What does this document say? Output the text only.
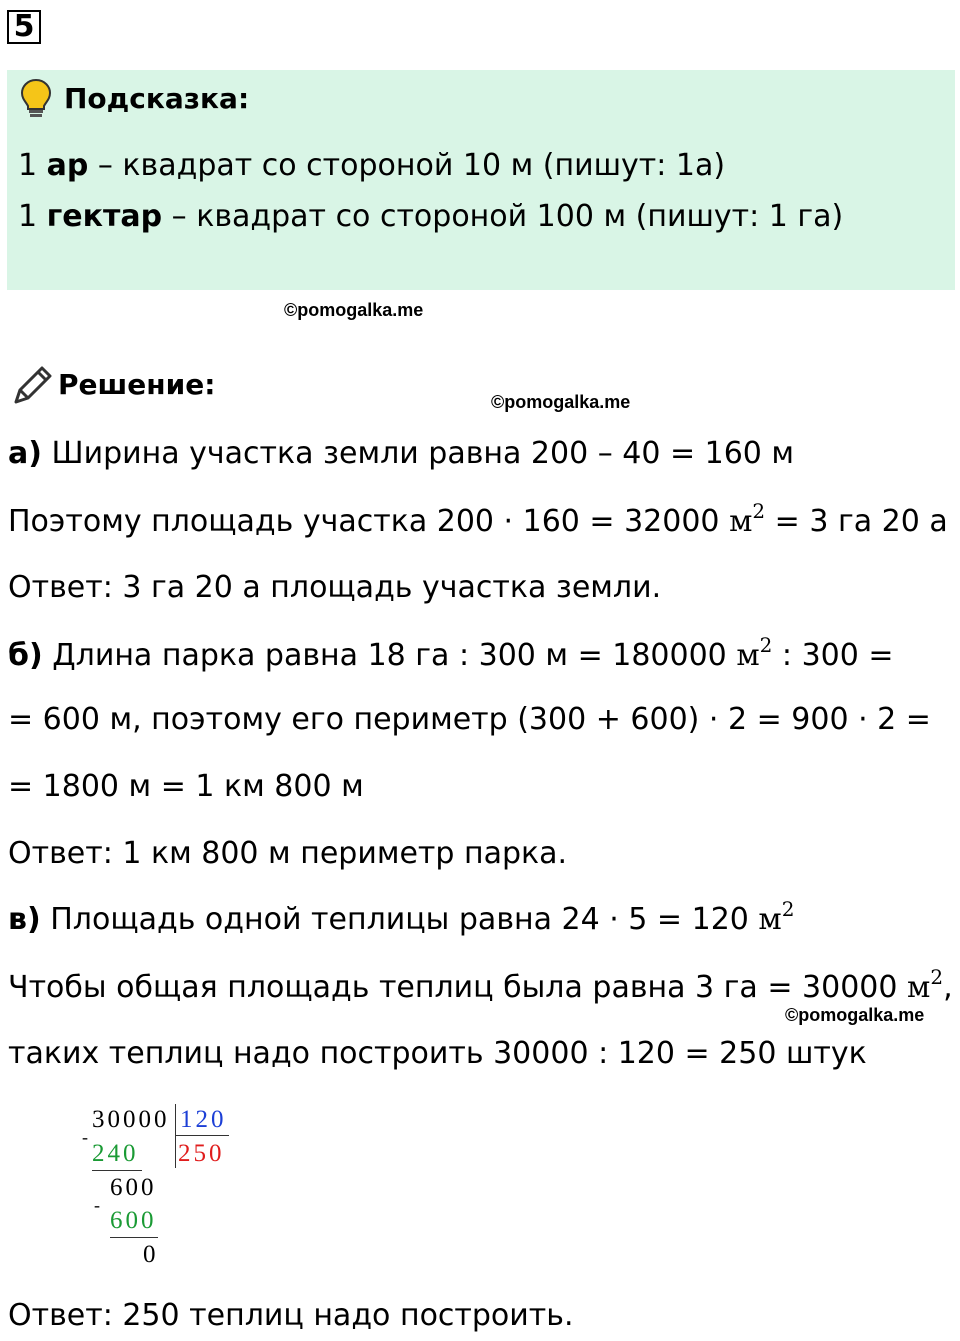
5
Подсказка:
1 ар – квадрат со стороной 10 м (пишут: 1а)
1 гектар – квадрат со стороной 100 м (пишут: 1 га)
©pomogalka.me
©pomogalka.me
©pomogalka.me
Решение:
а) Ширина участка земли равна 200 – 40 = 160 м
Поэтому площадь участка 200 · 160 = 32000 $м^2 = 3$ га 20 а
Ответ: 3 га 20 а площадь участка земли.
б) Длина парка равна 18 га : 300 м = 180000 $м^2$ : 300 =
= 600 м, поэтому его периметр (300 + 600) · 2 = 900 · 2 =
= 1800 м = 1 км 800 м
Ответ: 1 км 800 м периметр парка.
в) Площадь одной теплицы равна 24 · 5 = 120 $м^2$
Чтобы общая площадь теплиц была равна 3 га = 30000 $м^2$,
таких теплиц надо построить 30000 : 120 = 250 штук
30000 120
-
240 250
600
-
600
0
Ответ: 250 теплиц надо построить.
